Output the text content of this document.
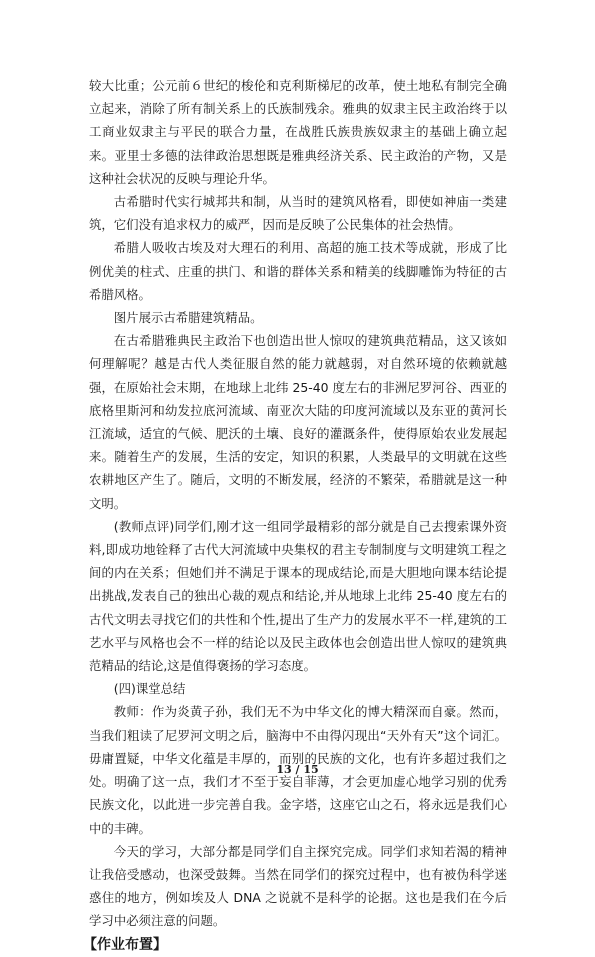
较大比重；公元前６世纪的梭伦和克利斯梯尼的改革，使土地私有制完全确立起来，消除了所有制关系上的氏族制残余。雅典的奴隶主民主政治终于以工商业奴隶主与平民的联合力量，在战胜氏族贵族奴隶主的基础上确立起来。亚里士多德的法律政治思想既是雅典经济关系、民主政治的产物，又是这种社会状况的反映与理论升华。

古希腊时代实行城邦共和制，从当时的建筑风格看，即使如神庙一类建筑，它们没有追求权力的威严，因而是反映了公民集体的社会热情。

希腊人吸收古埃及对大理石的利用、高超的施工技术等成就，形成了比例优美的柱式、庄重的拱门、和谐的群体关系和精美的线脚雕饰为特征的古希腊风格。

图片展示古希腊建筑精品。

在古希腊雅典民主政治下也创造出世人惊叹的建筑典范精品，这又该如何理解呢？越是古代人类征服自然的能力就越弱，对自然环境的依赖就越强，在原始社会末期，在地球上北纬 25-40 度左右的非洲尼罗河谷、西亚的底格里斯河和幼发拉底河流域、南亚次大陆的印度河流域以及东亚的黄河长江流域，适宜的气候、肥沃的土壤、良好的灌溉条件，使得原始农业发展起来。随着生产的发展，生活的安定，知识的积累，人类最早的文明就在这些农耕地区产生了。随后，文明的不断发展，经济的不繁荣，希腊就是这一种文明。

(教师点评)同学们,刚才这一组同学最精彩的部分就是自己去搜索课外资料,即成功地铨释了古代大河流域中央集权的君主专制制度与文明建筑工程之间的内在关系；但她们并不满足于课本的现成结论,而是大胆地向课本结论提出挑战,发表自己的独出心裁的观点和结论,并从地球上北纬 25-40 度左右的古代文明去寻找它们的共性和个性,提出了生产力的发展水平不一样,建筑的工艺水平与风格也会不一样的结论以及民主政体也会创造出世人惊叹的建筑典范精品的结论,这是值得褒扬的学习态度。

(四)课堂总结

教师：作为炎黄子孙，我们无不为中华文化的博大精深而自豪。然而，当我们粗读了尼罗河文明之后，脑海中不由得闪现出“天外有天”这个词汇。毋庸置疑，中华文化蕴是丰厚的，而别的民族的文化，也有许多超过我们之处。明确了这一点，我们才不至于妄自菲薄，才会更加虚心地学习别的优秀民族文化，以此进一步完善自我。金字塔，这座它山之石，将永远是我们心中的丰碑。

今天的学习，大部分都是同学们自主探究完成。同学们求知若渴的精神让我倍受感动，也深受鼓舞。当然在同学们的探究过程中，也有被伪科学迷惑住的地方，例如埃及人 DNA 之说就不是科学的论据。这也是我们在今后学习中必须注意的问题。

【作业布置】
13 / 15
